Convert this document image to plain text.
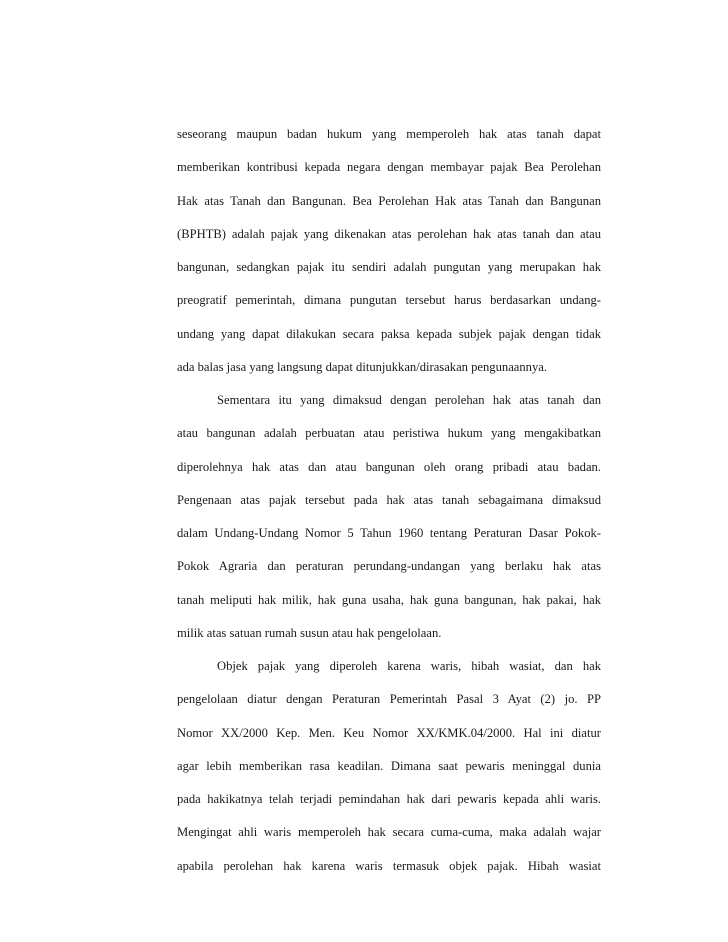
seseorang maupun badan hukum yang memperoleh hak atas tanah dapat
memberikan kontribusi kepada negara dengan membayar pajak Bea Perolehan
Hak atas Tanah dan Bangunan. Bea Perolehan Hak atas Tanah dan Bangunan
(BPHTB) adalah pajak yang dikenakan atas perolehan hak atas tanah dan atau
bangunan, sedangkan pajak itu sendiri adalah pungutan yang merupakan hak
preogratif pemerintah, dimana pungutan tersebut harus berdasarkan undang-
undang yang dapat dilakukan secara paksa kepada subjek pajak dengan tidak
ada balas jasa yang langsung dapat ditunjukkan/dirasakan pengunaannya.
Sementara itu yang dimaksud dengan perolehan hak atas tanah dan
atau bangunan adalah perbuatan atau peristiwa hukum yang mengakibatkan
diperolehnya hak atas dan atau bangunan oleh orang pribadi atau badan.
Pengenaan atas pajak tersebut pada hak atas tanah sebagaimana dimaksud
dalam Undang-Undang Nomor 5 Tahun 1960 tentang Peraturan Dasar Pokok-
Pokok Agraria dan peraturan perundang-undangan yang berlaku hak atas
tanah meliputi hak milik, hak guna usaha, hak guna bangunan, hak pakai, hak
milik atas satuan rumah susun atau hak pengelolaan.
Objek pajak yang diperoleh karena waris, hibah wasiat, dan hak
pengelolaan diatur dengan Peraturan Pemerintah Pasal 3 Ayat (2) jo. PP
Nomor XX/2000 Kep. Men. Keu Nomor XX/KMK.04/2000. Hal ini diatur
agar lebih memberikan rasa keadilan. Dimana saat pewaris meninggal dunia
pada hakikatnya telah terjadi pemindahan hak dari pewaris kepada ahli waris.
Mengingat ahli waris memperoleh hak secara cuma-cuma, maka adalah wajar
apabila perolehan hak karena waris termasuk objek pajak. Hibah wasiat
